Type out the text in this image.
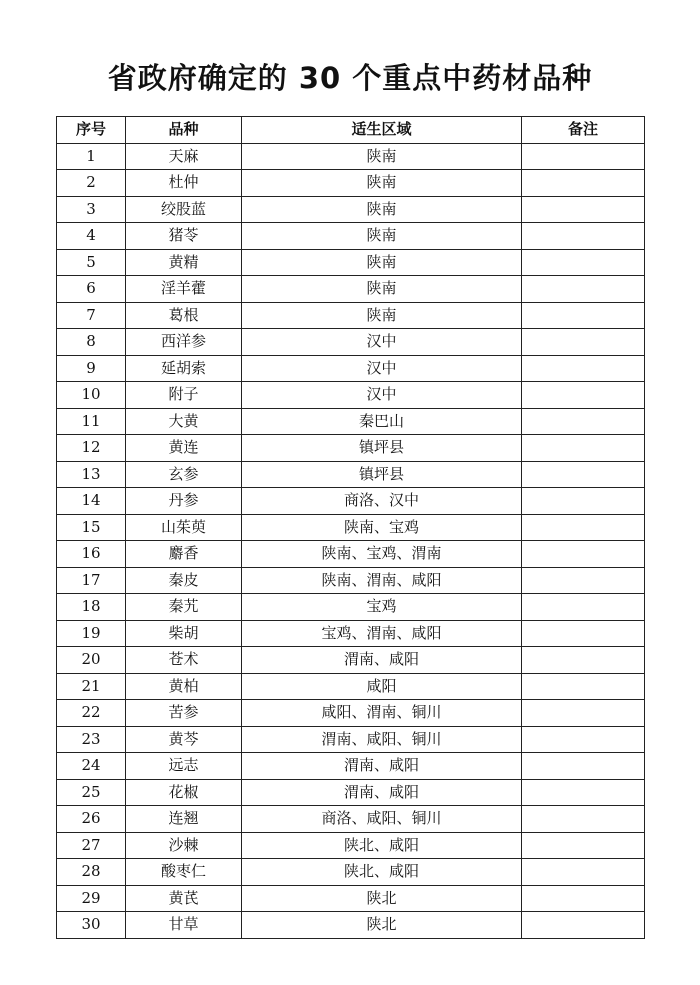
省政府确定的 30 个重点中药材品种
序号	品种	适生区域	备注
1	天麻	陕南	
2	杜仲	陕南	
3	绞股蓝	陕南	
4	猪苓	陕南	
5	黄精	陕南	
6	淫羊藿	陕南	
7	葛根	陕南	
8	西洋参	汉中	
9	延胡索	汉中	
10	附子	汉中	
11	大黄	秦巴山	
12	黄连	镇坪县	
13	玄参	镇坪县	
14	丹参	商洛、汉中	
15	山茱萸	陕南、宝鸡	
16	麝香	陕南、宝鸡、渭南	
17	秦皮	陕南、渭南、咸阳	
18	秦艽	宝鸡	
19	柴胡	宝鸡、渭南、咸阳	
20	苍术	渭南、咸阳	
21	黄柏	咸阳	
22	苦参	咸阳、渭南、铜川	
23	黄芩	渭南、咸阳、铜川	
24	远志	渭南、咸阳	
25	花椒	渭南、咸阳	
26	连翘	商洛、咸阳、铜川	
27	沙棘	陕北、咸阳	
28	酸枣仁	陕北、咸阳	
29	黄芪	陕北	
30	甘草	陕北	
